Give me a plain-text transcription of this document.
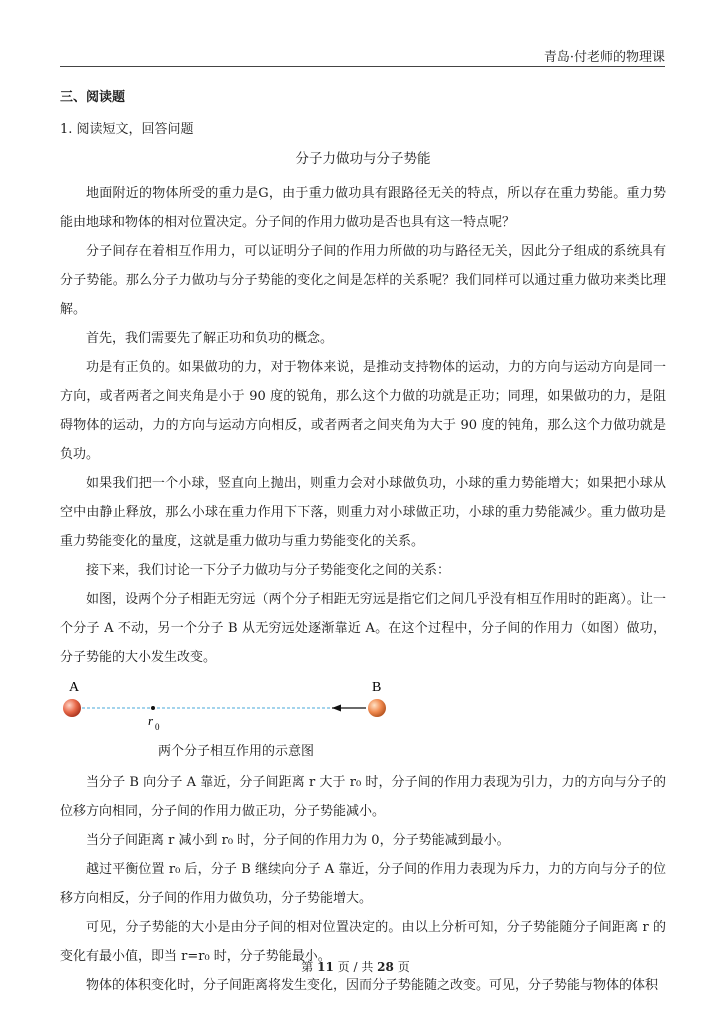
青岛·付老师的物理课

三、阅读题

1. 阅读短文，回答问题

分子力做功与分子势能

地面附近的物体所受的重力是G，由于重力做功具有跟路径无关的特点，所以存在重力势能。重力势能由地球和物体的相对位置决定。分子间的作用力做功是否也具有这一特点呢？

分子间存在着相互作用力，可以证明分子间的作用力所做的功与路径无关，因此分子组成的系统具有分子势能。那么分子力做功与分子势能的变化之间是怎样的关系呢？我们同样可以通过重力做功来类比理解。

首先，我们需要先了解正功和负功的概念。

功是有正负的。如果做功的力，对于物体来说，是推动支持物体的运动，力的方向与运动方向是同一方向，或者两者之间夹角是小于 90 度的锐角，那么这个力做的功就是正功；同理，如果做功的力，是阻碍物体的运动，力的方向与运动方向相反，或者两者之间夹角为大于 90 度的钝角，那么这个力做功就是负功。

如果我们把一个小球，竖直向上抛出，则重力会对小球做负功，小球的重力势能增大；如果把小球从空中由静止释放，那么小球在重力作用下下落，则重力对小球做正功，小球的重力势能减少。重力做功是重力势能变化的量度，这就是重力做功与重力势能变化的关系。

接下来，我们讨论一下分子力做功与分子势能变化之间的关系：

如图，设两个分子相距无穷远（两个分子相距无穷远是指它们之间几乎没有相互作用时的距离）。让一个分子 A 不动，另一个分子 B 从无穷远处逐渐靠近 A。在这个过程中，分子间的作用力（如图）做功，分子势能的大小发生改变。

A	B
r 0

两个分子相互作用的示意图

当分子 B 向分子 A 靠近，分子间距离 r 大于 r₀ 时，分子间的作用力表现为引力，力的方向与分子的位移方向相同，分子间的作用力做正功，分子势能减小。

当分子间距离 r 减小到 r₀ 时，分子间的作用力为 0，分子势能减到最小。

越过平衡位置 r₀ 后，分子 B 继续向分子 A 靠近，分子间的作用力表现为斥力，力的方向与分子的位移方向相反，分子间的作用力做负功，分子势能增大。

可见，分子势能的大小是由分子间的相对位置决定的。由以上分析可知，分子势能随分子间距离 r 的变化有最小值，即当 r=r₀ 时，分子势能最小。

物体的体积变化时，分子间距离将发生变化，因而分子势能随之改变。可见，分子势能与物体的体积

第 11 页 / 共 28 页
